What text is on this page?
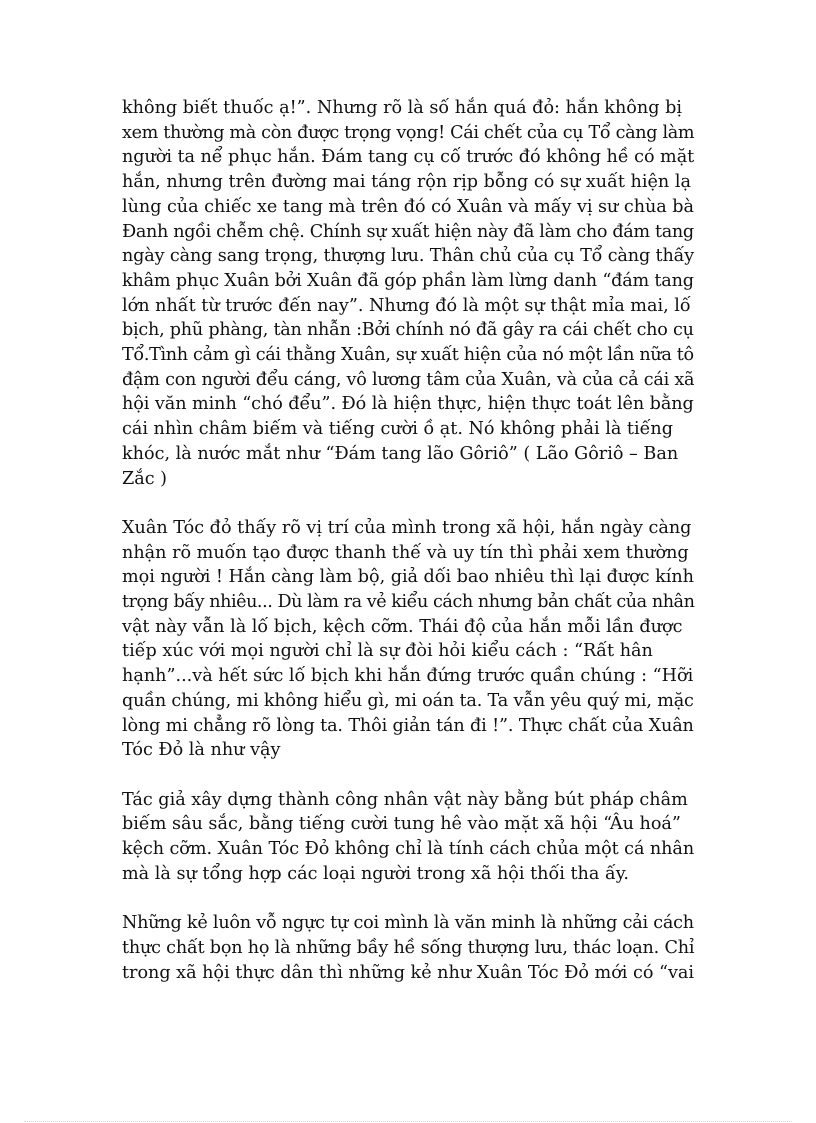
không biết thuốc ạ!”. Nhưng rõ là số hắn quá đỏ: hắn không bị
xem thường mà còn được trọng vọng! Cái chết của cụ Tổ càng làm
người ta nể phục hắn. Đám tang cụ cố trước đó không hề có mặt
hắn, nhưng trên đường mai táng rộn rịp bỗng có sự xuất hiện lạ
lùng của chiếc xe tang mà trên đó có Xuân và mấy vị sư chùa bà
Đanh ngồi chễm chệ. Chính sự xuất hiện này đã làm cho đám tang
ngày càng sang trọng, thượng lưu. Thân chủ của cụ Tổ càng thấy
khâm phục Xuân bởi Xuân đã góp phần làm lừng danh “đám tang
lớn nhất từ trước đến nay”. Nhưng đó là một sự thật mỉa mai, lố
bịch, phũ phàng, tàn nhẫn :Bởi chính nó đã gây ra cái chết cho cụ
Tổ.Tình cảm gì cái thằng Xuân, sự xuất hiện của nó một lần nữa tô
đậm con người đểu cáng, vô lương tâm của Xuân, và của cả cái xã
hội văn minh “chó đểu”. Đó là hiện thực, hiện thực toát lên bằng
cái nhìn châm biếm và tiếng cười ồ ạt. Nó không phải là tiếng
khóc, là nước mắt như “Đám tang lão Gôriô” ( Lão Gôriô – Ban
Zắc )

Xuân Tóc đỏ thấy rõ vị trí của mình trong xã hội, hắn ngày càng
nhận rõ muốn tạo được thanh thế và uy tín thì phải xem thường
mọi người ! Hắn càng làm bộ, giả dối bao nhiêu thì lại được kính
trọng bấy nhiêu... Dù làm ra vẻ kiểu cách nhưng bản chất của nhân
vật này vẫn là lố bịch, kệch cỡm. Thái độ của hắn mỗi lần được
tiếp xúc với mọi người chỉ là sự đòi hỏi kiểu cách : “Rất hân
hạnh”...và hết sức lố bịch khi hắn đứng trước quần chúng : “Hỡi
quần chúng, mi không hiểu gì, mi oán ta. Ta vẫn yêu quý mi, mặc
lòng mi chẳng rõ lòng ta. Thôi giản tán đi !”. Thực chất của Xuân
Tóc Đỏ là như vậy

Tác giả xây dựng thành công nhân vật này bằng bút pháp châm
biếm sâu sắc, bằng tiếng cười tung hê vào mặt xã hội “Âu hoá”
kệch cỡm. Xuân Tóc Đỏ không chỉ là tính cách chủa một cá nhân
mà là sự tổng hợp các loại người trong xã hội thối tha ấy.

Những kẻ luôn vỗ ngực tự coi mình là văn minh là những cải cách
thực chất bọn họ là những bầy hề sống thượng lưu, thác loạn. Chỉ
trong xã hội thực dân thì những kẻ như Xuân Tóc Đỏ mới có “vai
